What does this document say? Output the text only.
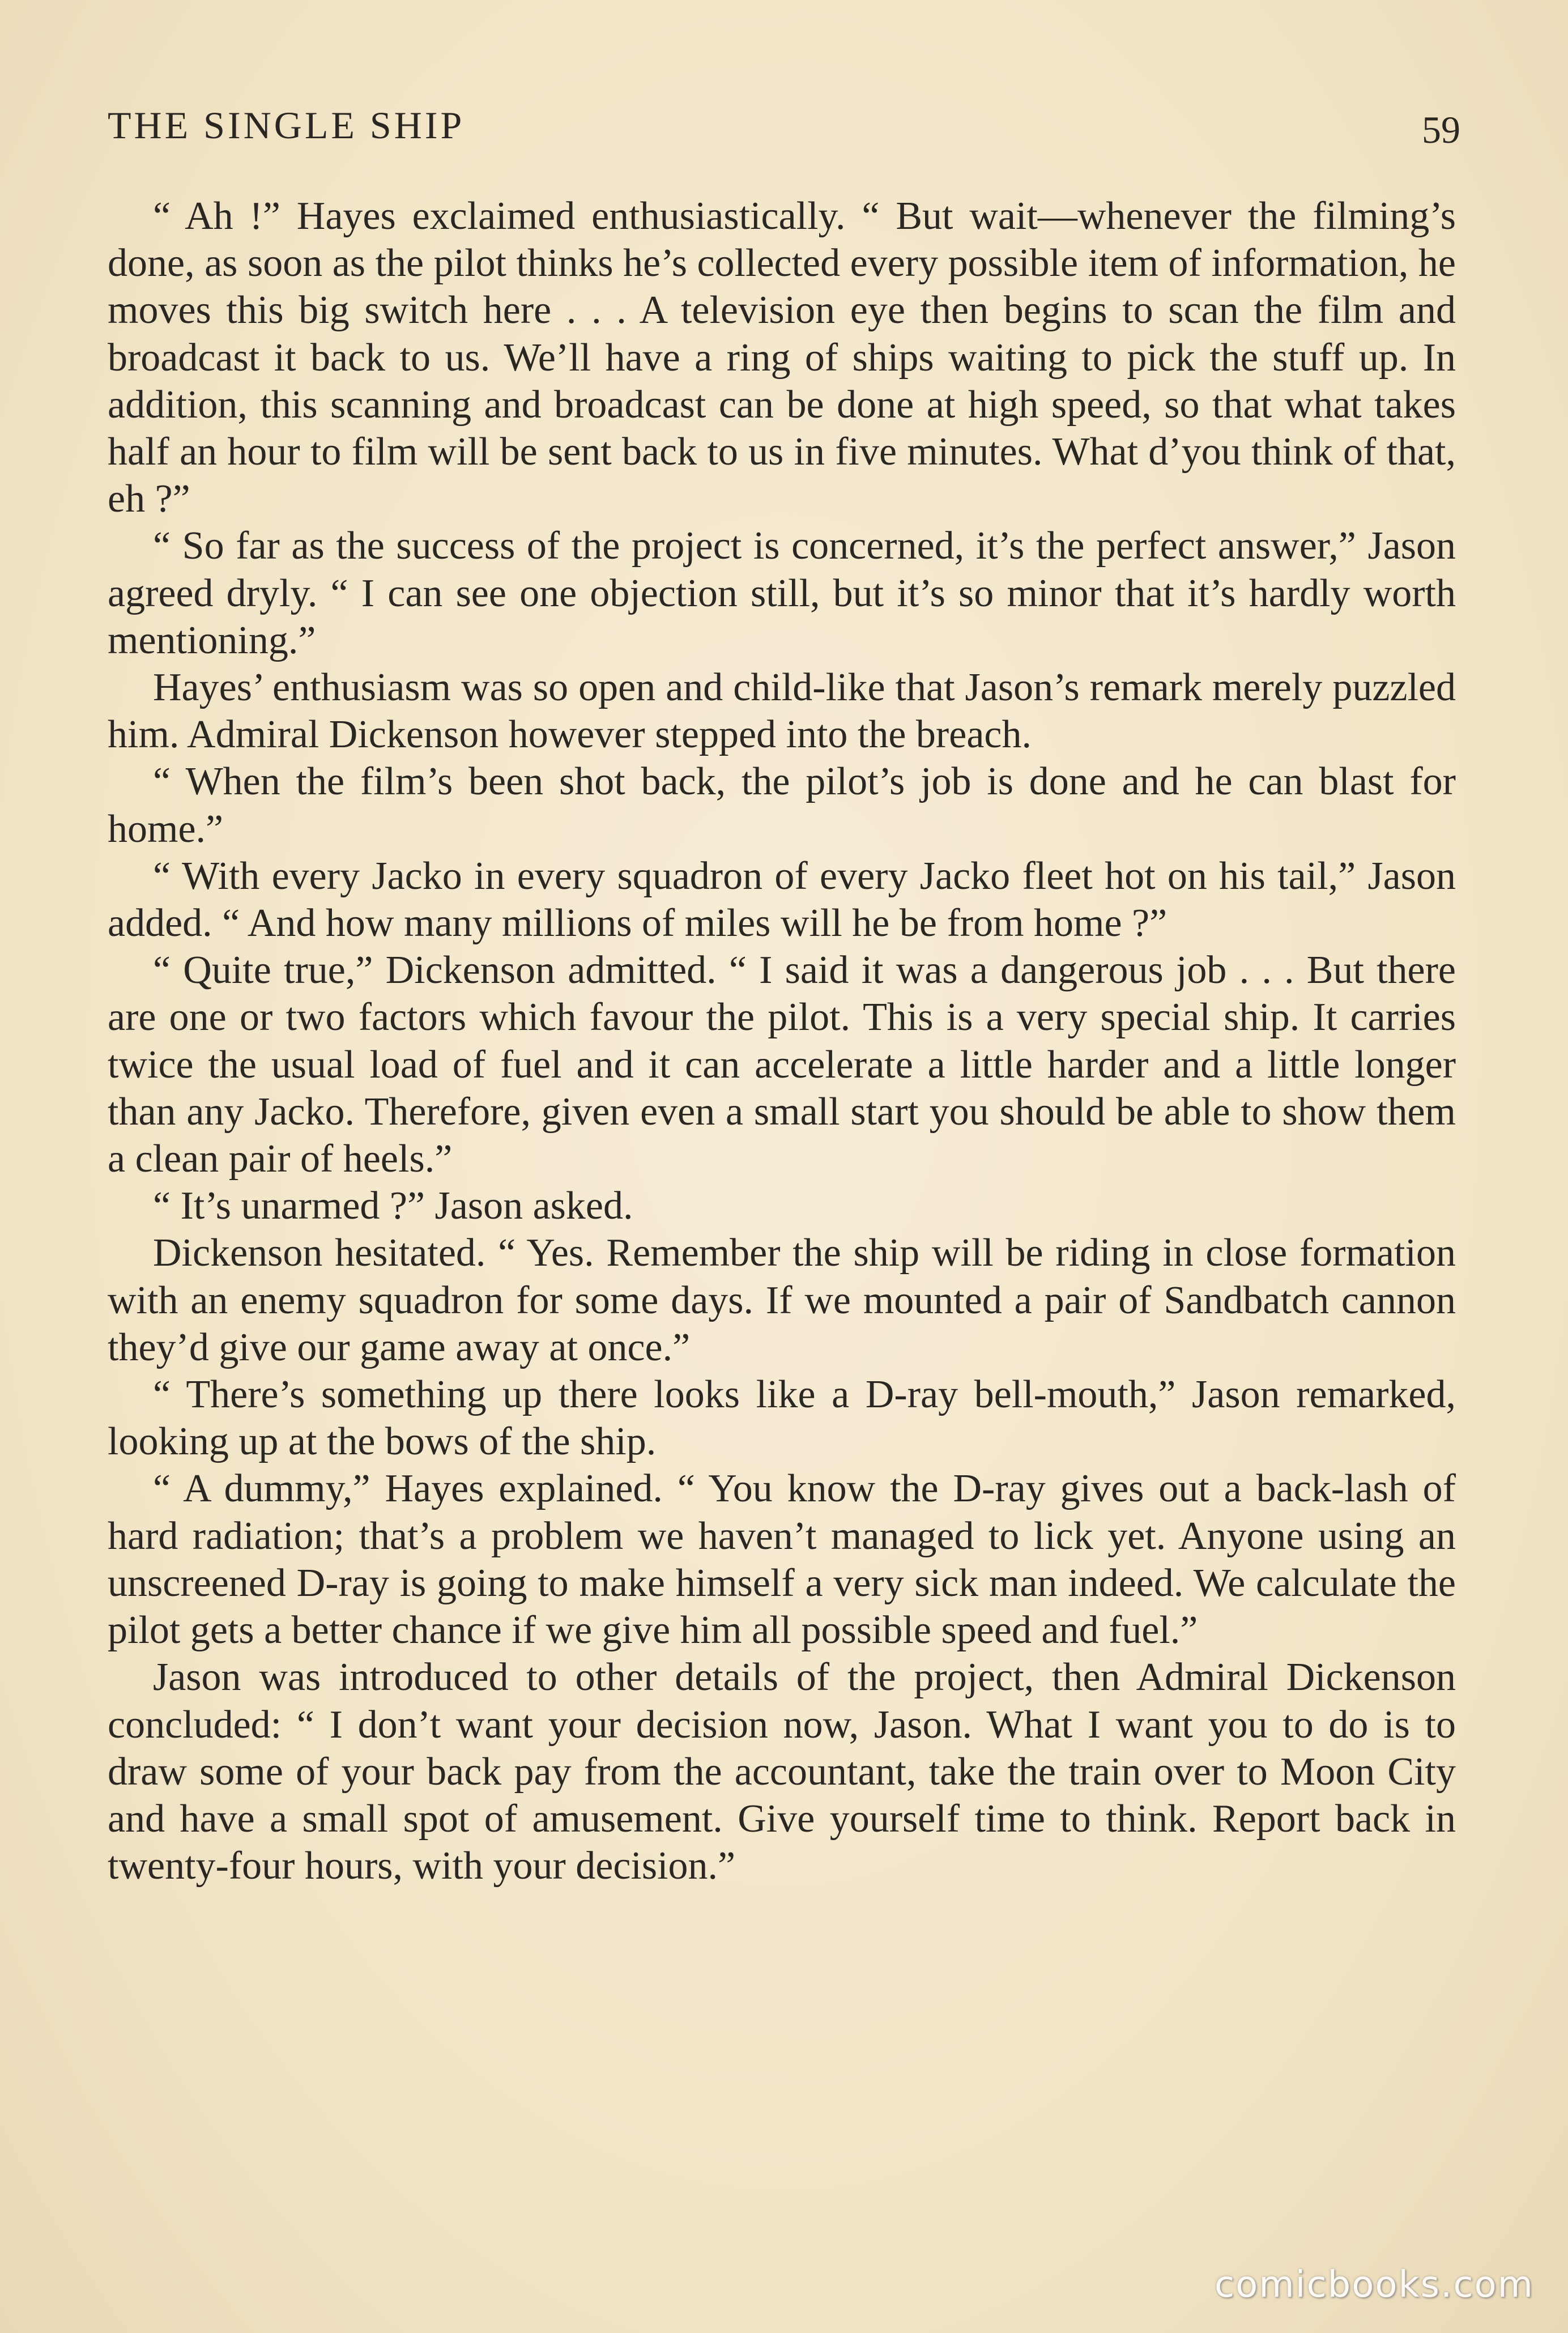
THE SINGLE SHIP	59

“ Ah !” Hayes exclaimed enthusiastically. “ But wait—whenever the filming’s done, as soon as the pilot thinks he’s collected every possible item of information, he moves this big switch here . . . A television eye then begins to scan the film and broadcast it back to us. We’ll have a ring of ships waiting to pick the stuff up. In addition, this scanning and broadcast can be done at high speed, so that what takes half an hour to film will be sent back to us in five minutes. What d’you think of that, eh ?”

“ So far as the success of the project is concerned, it’s the perfect answer,” Jason agreed dryly. “ I can see one objection still, but it’s so minor that it’s hardly worth mentioning.”

Hayes’ enthusiasm was so open and child-like that Jason’s remark merely puzzled him. Admiral Dickenson however stepped into the breach.

“ When the film’s been shot back, the pilot’s job is done and he can blast for home.”

“ With every Jacko in every squadron of every Jacko fleet hot on his tail,” Jason added. “ And how many millions of miles will he be from home ?”

“ Quite true,” Dickenson admitted. “ I said it was a dangerous job . . . But there are one or two factors which favour the pilot. This is a very special ship. It carries twice the usual load of fuel and it can accelerate a little harder and a little longer than any Jacko. Therefore, given even a small start you should be able to show them a clean pair of heels.”

“ It’s unarmed ?” Jason asked.

Dickenson hesitated. “ Yes. Remember the ship will be riding in close formation with an enemy squadron for some days. If we mounted a pair of Sandbatch cannon they’d give our game away at once.”

“ There’s something up there looks like a D-ray bell-mouth,” Jason remarked, looking up at the bows of the ship.

“ A dummy,” Hayes explained. “ You know the D-ray gives out a back-lash of hard radiation; that’s a problem we haven’t managed to lick yet. Anyone using an unscreened D-ray is going to make himself a very sick man indeed. We calculate the pilot gets a better chance if we give him all possible speed and fuel.”

Jason was introduced to other details of the project, then Admiral Dickenson concluded: “ I don’t want your decision now, Jason. What I want you to do is to draw some of your back pay from the accountant, take the train over to Moon City and have a small spot of amusement. Give yourself time to think. Report back in twenty-four hours, with your decision.”

comicbooks.com
